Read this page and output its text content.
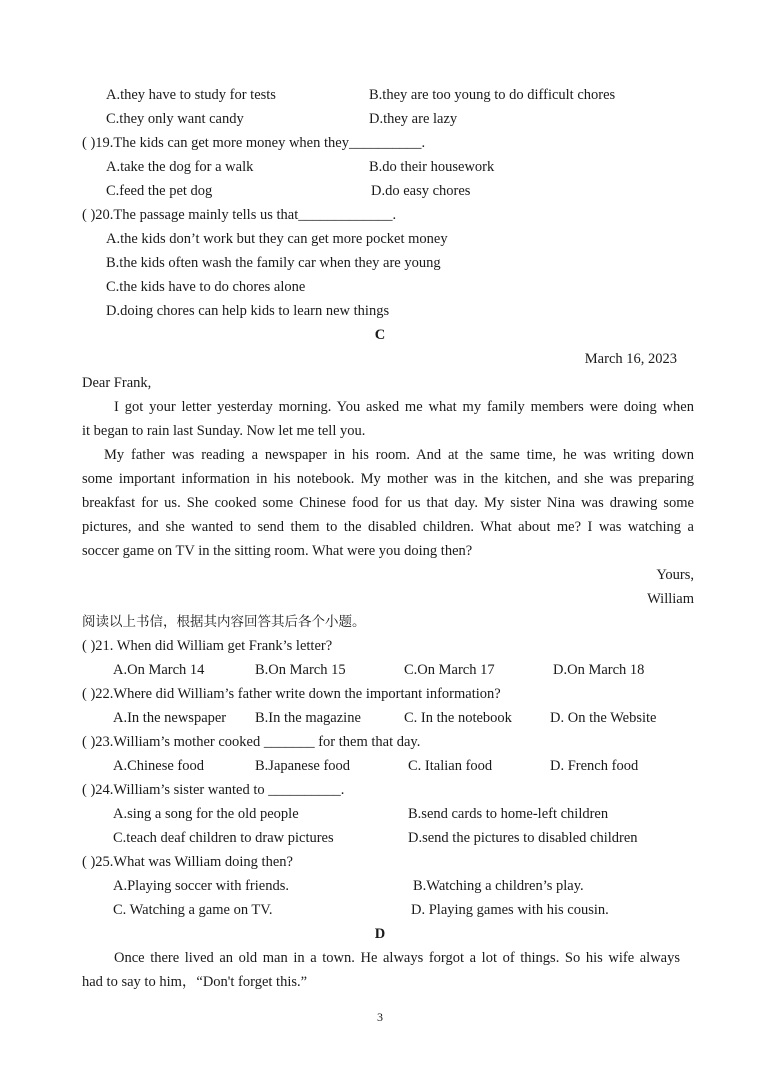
A.they have to study for tests	B.they are too young to do difficult chores
C.they only want candy	D.they are lazy
( )19.The kids can get more money when they__________.
A.take the dog for a walk	B.do their housework
C.feed the pet dog	D.do easy chores
( )20.The passage mainly tells us that_____________.
A.the kids don’t work but they can get more pocket money
B.the kids often wash the family car when they are young
C.the kids have to do chores alone
D.doing chores can help kids to learn new things
C
March 16, 2023
Dear Frank,
I got your letter yesterday morning. You asked me what my family members were doing when
it began to rain last Sunday. Now let me tell you.
My father was reading a newspaper in his room. And at the same time, he was writing down
some important information in his notebook. My mother was in the kitchen, and she was preparing
breakfast for us. She cooked some Chinese food for us that day. My sister Nina was drawing some
pictures, and she wanted to send them to the disabled children. What about me? I was watching a
soccer game on TV in the sitting room. What were you doing then?
Yours,
William
阅读以上书信，根据其内容回答其后各个小题。
( )21. When did William get Frank’s letter?
A.On March 14	B.On March 15	C.On March 17	D.On March 18
( )22.Where did William’s father write down the important information?
A.In the newspaper B.In the magazine	C. In the notebook	D. On the Website
( )23.William’s mother cooked _______ for them that day.
A.Chinese food	B.Japanese food	C. Italian food	D. French food
( )24.William’s sister wanted to __________.
A.sing a song for the old people	B.send cards to home-left children
C.teach deaf children to draw pictures	D.send the pictures to disabled children
( )25.What was William doing then?
A.Playing soccer with friends.	B.Watching a children’s play.
C. Watching a game on TV.	D. Playing games with his cousin.
D
Once there lived an old man in a town. He always forgot a lot of things. So his wife always
had to say to him，“Don't forget this.”
3
